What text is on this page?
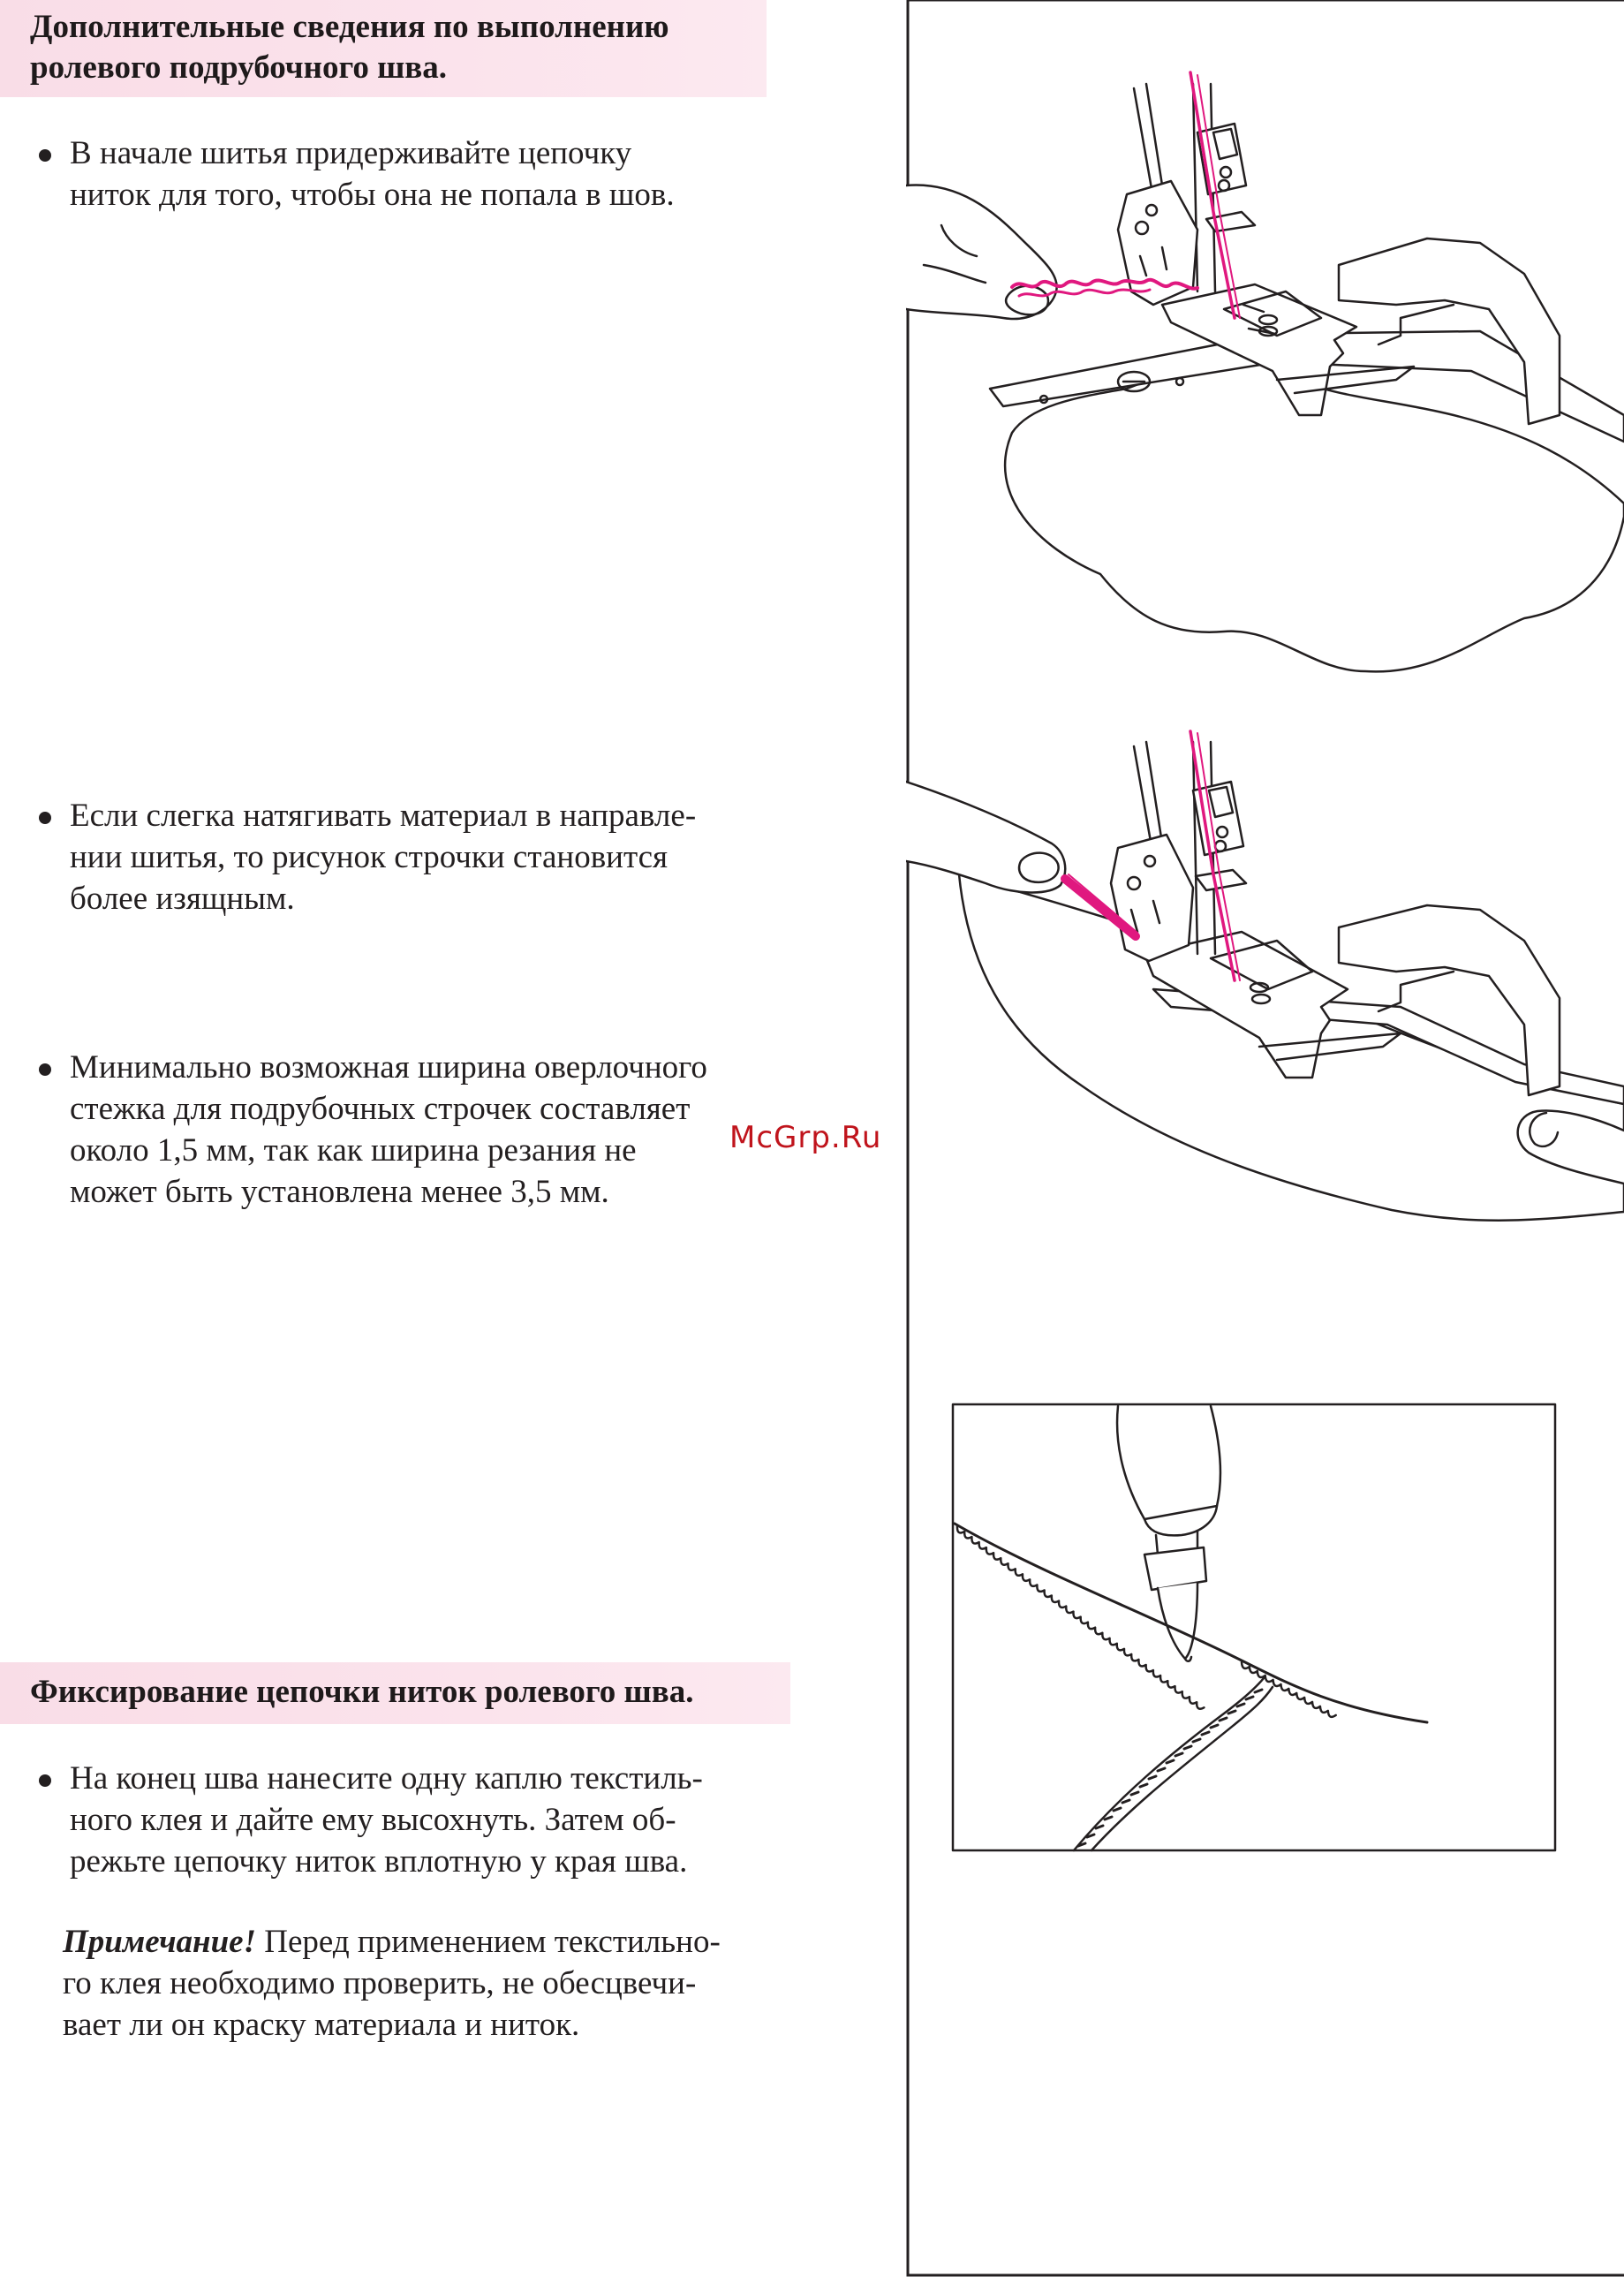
Дополнительные сведения по выполнению
ролевого подрубочного шва.
В начале шитья придерживайте цепочку
ниток для того, чтобы она не попала в шов.
Если слегка натягивать материал в направле-
нии шитья, то рисунок строчки становится
более изящным.
Минимально возможная ширина оверлочного
стежка для подрубочных строчек составляет
около 1,5 мм, так как ширина резания не
может быть установлена менее 3,5 мм.
McGrp.Ru
Фиксирование цепочки ниток ролевого шва.
На конец шва нанесите одну каплю текстиль-
ного клея и дайте ему высохнуть. Затем об-
режьте цепочку ниток вплотную у края шва.
Примечание! Перед применением текстильно-
го клея необходимо проверить, не обесцвечи-
вает ли он краску материала и ниток.
